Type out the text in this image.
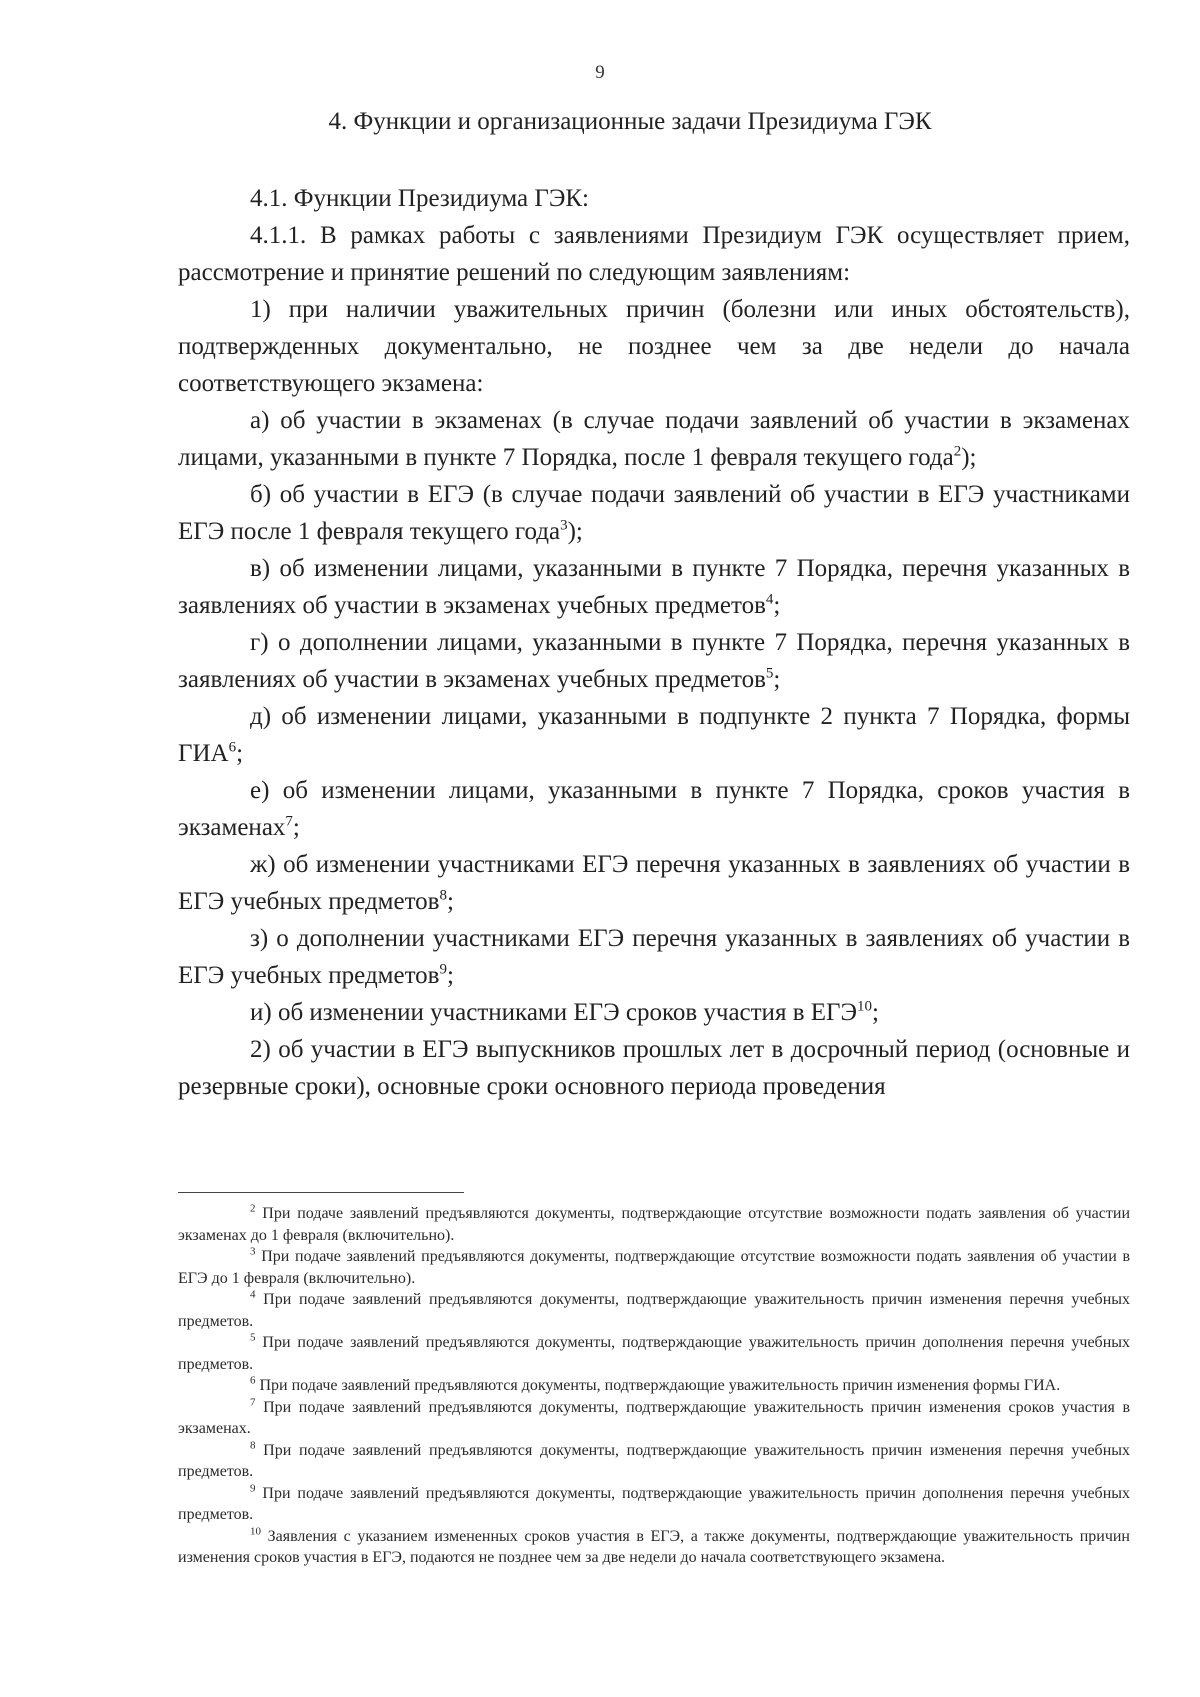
9
4. Функции и организационные задачи Президиума ГЭК

4.1. Функции Президиума ГЭК:

4.1.1. В рамках работы с заявлениями Президиум ГЭК осуществляет прием, рассмотрение и принятие решений по следующим заявлениям:

1) при наличии уважительных причин (болезни или иных обстоятельств), подтвержденных документально, не позднее чем за две недели до начала соответствующего экзамена:

а) об участии в экзаменах (в случае подачи заявлений об участии в экзаменах лицами, указанными в пункте 7 Порядка, после 1 февраля текущего года$^2$);

б) об участии в ЕГЭ (в случае подачи заявлений об участии в ЕГЭ участниками ЕГЭ после 1 февраля текущего года$^3$);

в) об изменении лицами, указанными в пункте 7 Порядка, перечня указанных в заявлениях об участии в экзаменах учебных предметов$^4$;

г) о дополнении лицами, указанными в пункте 7 Порядка, перечня указанных в заявлениях об участии в экзаменах учебных предметов$^5$;

д) об изменении лицами, указанными в подпункте 2 пункта 7 Порядка, формы ГИА$^6$;

е) об изменении лицами, указанными в пункте 7 Порядка, сроков участия в экзаменах$^7$;

ж) об изменении участниками ЕГЭ перечня указанных в заявлениях об участии в ЕГЭ учебных предметов$^8$;

з) о дополнении участниками ЕГЭ перечня указанных в заявлениях об участии в ЕГЭ учебных предметов$^9$;

и) об изменении участниками ЕГЭ сроков участия в ЕГЭ$^{10}$;

2) об участии в ЕГЭ выпускников прошлых лет в досрочный период (основные и резервные сроки), основные сроки основного периода проведения

$^2$ При подаче заявлений предъявляются документы, подтверждающие отсутствие возможности подать заявления об участии экзаменах до 1 февраля (включительно).

$^3$ При подаче заявлений предъявляются документы, подтверждающие отсутствие возможности подать заявления об участии в ЕГЭ до 1 февраля (включительно).

$^4$ При подаче заявлений предъявляются документы, подтверждающие уважительность причин изменения перечня учебных предметов.

$^5$ При подаче заявлений предъявляются документы, подтверждающие уважительность причин дополнения перечня учебных предметов.

$^6$ При подаче заявлений предъявляются документы, подтверждающие уважительность причин изменения формы ГИА.

$^7$ При подаче заявлений предъявляются документы, подтверждающие уважительность причин изменения сроков участия в экзаменах.

$^8$ При подаче заявлений предъявляются документы, подтверждающие уважительность причин изменения перечня учебных предметов.

$^9$ При подаче заявлений предъявляются документы, подтверждающие уважительность причин дополнения перечня учебных предметов.

$^{10}$ Заявления с указанием измененных сроков участия в ЕГЭ, а также документы, подтверждающие уважительность причин изменения сроков участия в ЕГЭ, подаются не позднее чем за две недели до начала соответствующего экзамена.
